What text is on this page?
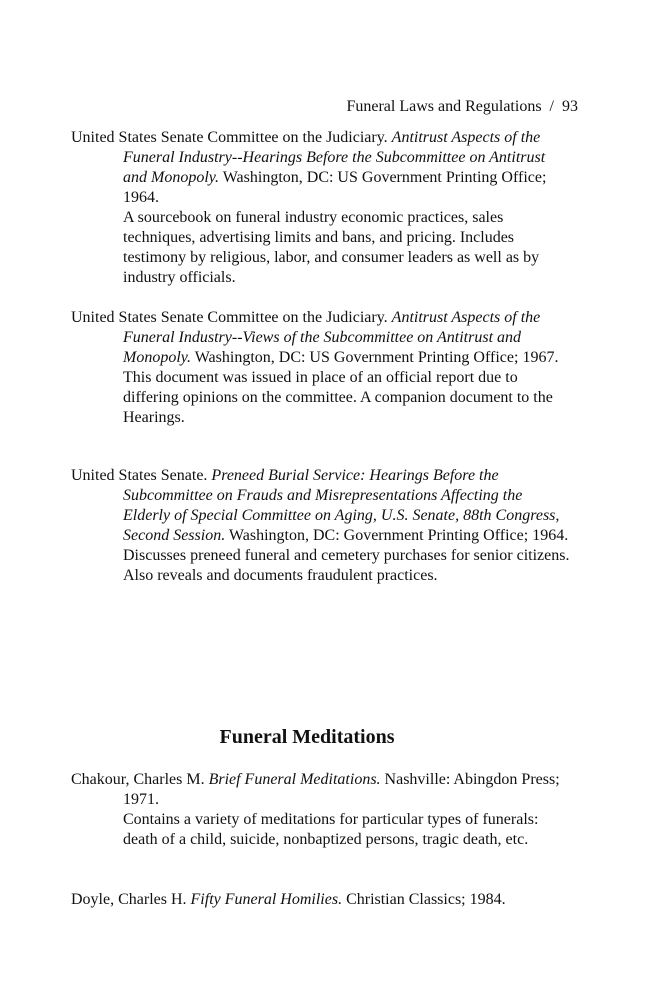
Funeral Laws and Regulations / 93
United States Senate Committee on the Judiciary. Antitrust Aspects of the Funeral Industry--Hearings Before the Subcommittee on Antitrust and Monopoly. Washington, DC: US Government Printing Office; 1964.
A sourcebook on funeral industry economic practices, sales techniques, advertising limits and bans, and pricing. Includes testimony by religious, labor, and consumer leaders as well as by industry officials.
United States Senate Committee on the Judiciary. Antitrust Aspects of the Funeral Industry--Views of the Subcommittee on Antitrust and Monopoly. Washington, DC: US Government Printing Office; 1967.
This document was issued in place of an official report due to differing opinions on the committee. A companion document to the Hearings.
United States Senate. Preneed Burial Service: Hearings Before the Subcommittee on Frauds and Misrepresentations Affecting the Elderly of Special Committee on Aging, U.S. Senate, 88th Congress, Second Session. Washington, DC: Government Printing Office; 1964.
Discusses preneed funeral and cemetery purchases for senior citizens. Also reveals and documents fraudulent practices.
Funeral Meditations
Chakour, Charles M. Brief Funeral Meditations. Nashville: Abingdon Press; 1971.
Contains a variety of meditations for particular types of funerals: death of a child, suicide, nonbaptized persons, tragic death, etc.
Doyle, Charles H. Fifty Funeral Homilies. Christian Classics; 1984.
